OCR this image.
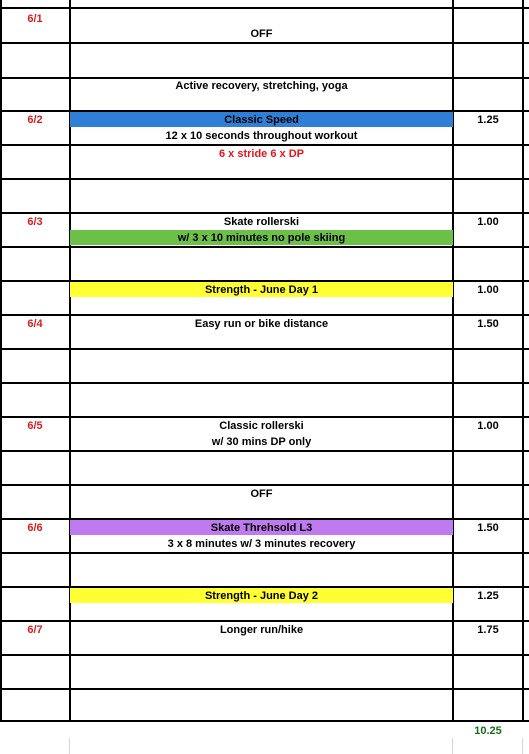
6/1
6/2
6/3
6/4
6/5
6/6
6/7
OFF
Active recovery, stretching, yoga
Classic Speed
12 x 10 seconds throughout workout
6 x stride 6 x DP
Skate rollerski
w/ 3 x 10 minutes no pole skiing
Strength - June Day 1
Easy run or bike distance
Classic rollerski
w/ 30 mins DP only
OFF
Skate Threhsold L3
3 x 8 minutes w/ 3 minutes recovery
Strength - June Day 2
Longer run/hike
1.25
1.00
1.00
1.50
1.00
1.50
1.25
1.75
10.25
